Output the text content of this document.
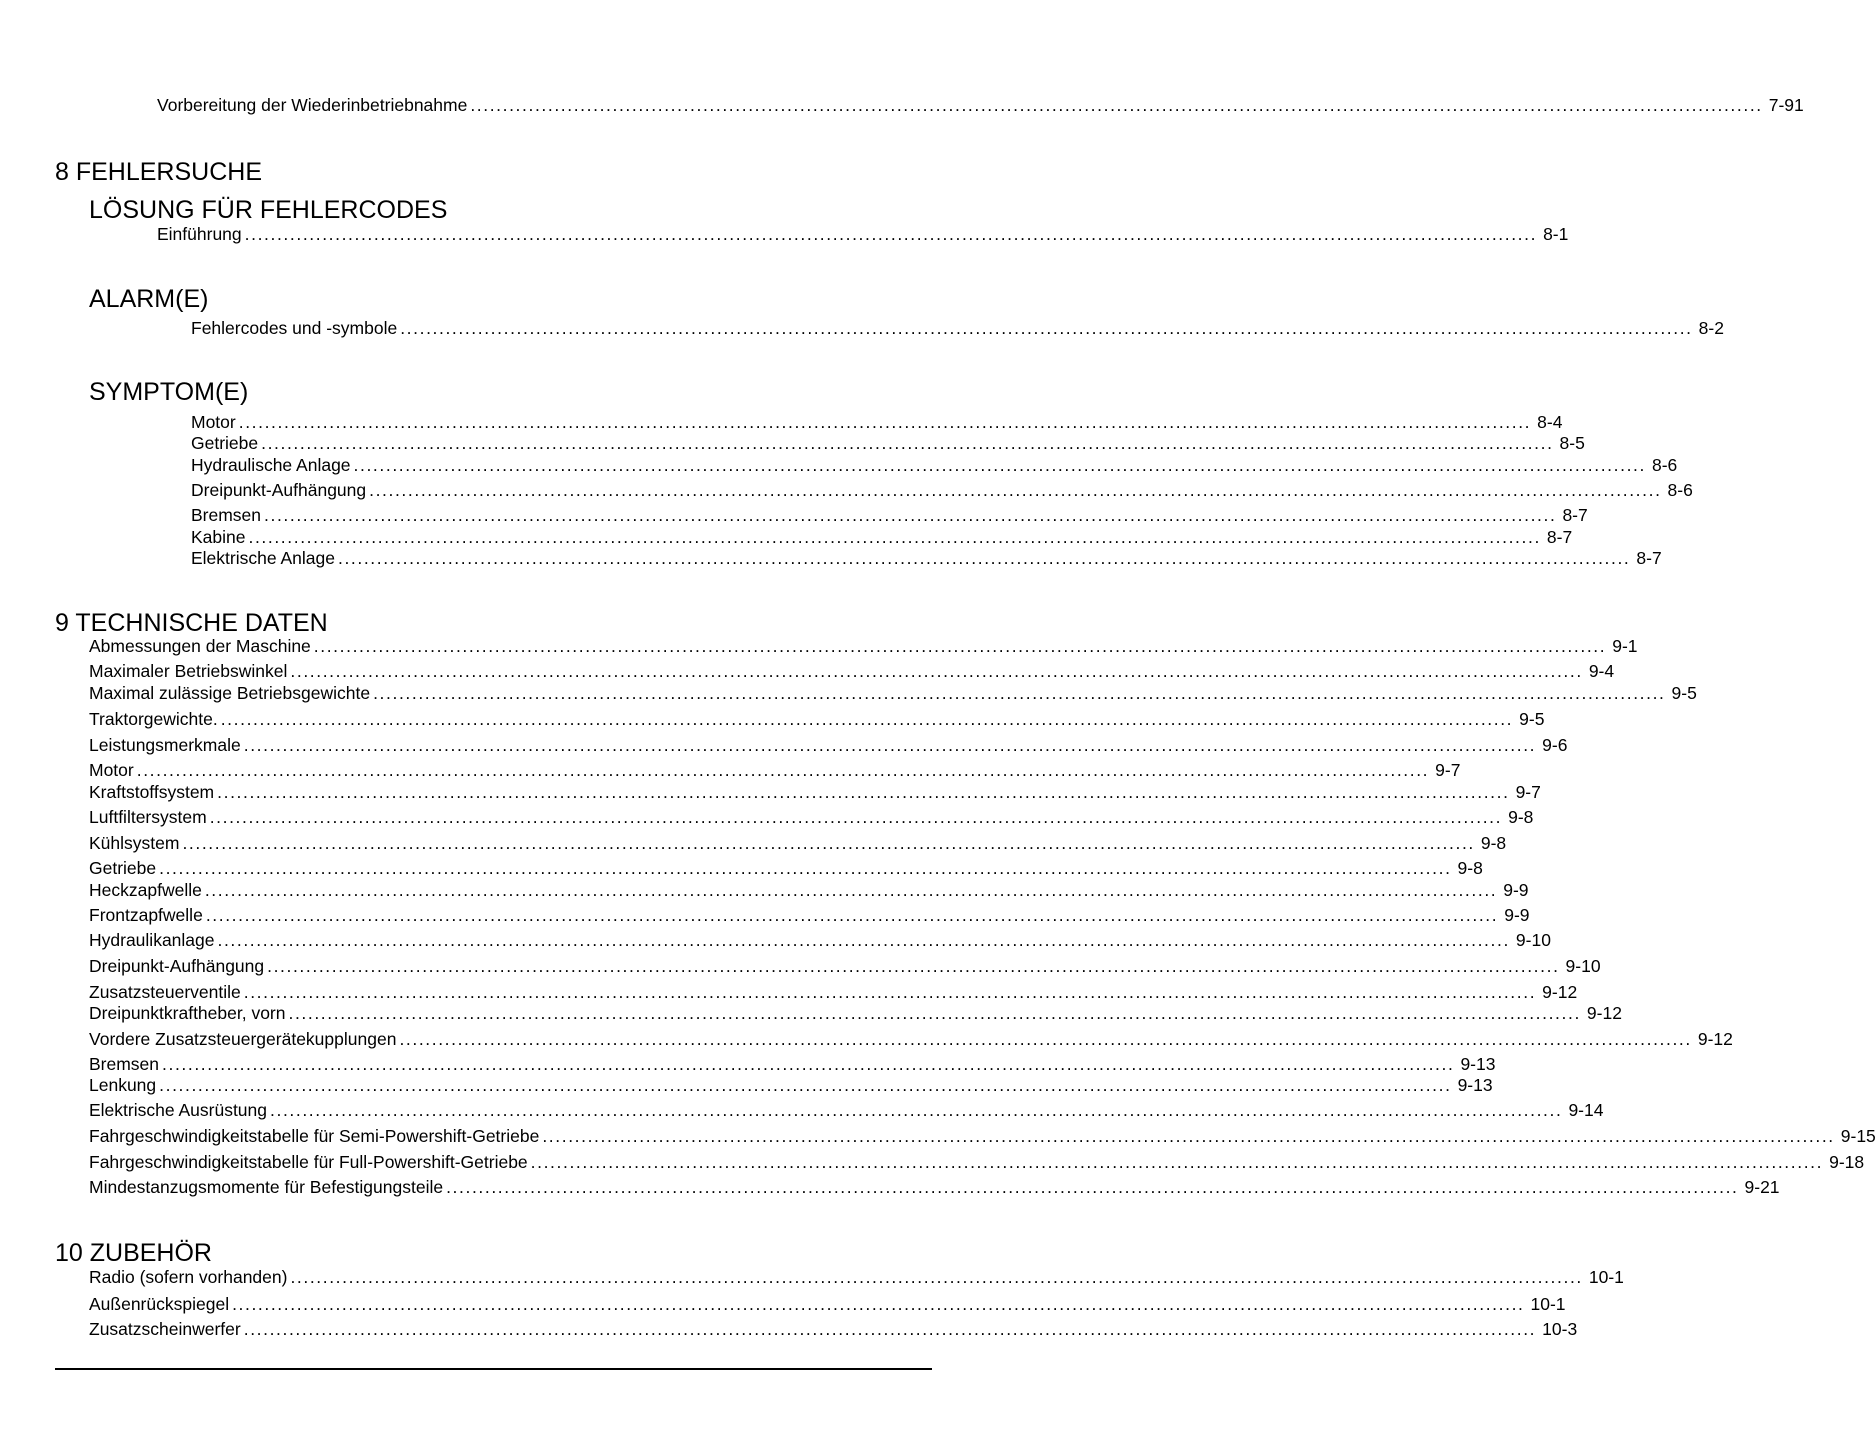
Vorbereitung der Wiederinbetriebnahme ........................................................................................................................................................................................................ 7-91
8 FEHLERSUCHE
LÖSUNG FÜR FEHLERCODES
Einführung ........................................................................................................................................................................................................ 8-1
ALARM(E)
Fehlercodes und -symbole ........................................................................................................................................................................................................ 8-2
SYMPTOM(E)
Motor ........................................................................................................................................................................................................ 8-4
Getriebe ........................................................................................................................................................................................................ 8-5
Hydraulische Anlage ........................................................................................................................................................................................................ 8-6
Dreipunkt-Aufhängung ........................................................................................................................................................................................................ 8-6
Bremsen ........................................................................................................................................................................................................ 8-7
Kabine ........................................................................................................................................................................................................ 8-7
Elektrische Anlage ........................................................................................................................................................................................................ 8-7
9 TECHNISCHE DATEN
Abmessungen der Maschine ........................................................................................................................................................................................................ 9-1
Maximaler Betriebswinkel ........................................................................................................................................................................................................ 9-4
Maximal zulässige Betriebsgewichte ........................................................................................................................................................................................................ 9-5
Traktorgewichte. ........................................................................................................................................................................................................ 9-5
Leistungsmerkmale ........................................................................................................................................................................................................ 9-6
Motor ........................................................................................................................................................................................................ 9-7
Kraftstoffsystem ........................................................................................................................................................................................................ 9-7
Luftfiltersystem ........................................................................................................................................................................................................ 9-8
Kühlsystem ........................................................................................................................................................................................................ 9-8
Getriebe ........................................................................................................................................................................................................ 9-8
Heckzapfwelle ........................................................................................................................................................................................................ 9-9
Frontzapfwelle ........................................................................................................................................................................................................ 9-9
Hydraulikanlage ........................................................................................................................................................................................................ 9-10
Dreipunkt-Aufhängung ........................................................................................................................................................................................................ 9-10
Zusatzsteuerventile ........................................................................................................................................................................................................ 9-12
Dreipunktkraftheber, vorn ........................................................................................................................................................................................................ 9-12
Vordere Zusatzsteuergerätekupplungen ........................................................................................................................................................................................................ 9-12
Bremsen ........................................................................................................................................................................................................ 9-13
Lenkung ........................................................................................................................................................................................................ 9-13
Elektrische Ausrüstung ........................................................................................................................................................................................................ 9-14
Fahrgeschwindigkeitstabelle für Semi-Powershift-Getriebe ........................................................................................................................................................................................................ 9-15
Fahrgeschwindigkeitstabelle für Full-Powershift-Getriebe ........................................................................................................................................................................................................ 9-18
Mindestanzugsmomente für Befestigungsteile ........................................................................................................................................................................................................ 9-21
10 ZUBEHÖR
Radio (sofern vorhanden) ........................................................................................................................................................................................................ 10-1
Außenrückspiegel ........................................................................................................................................................................................................ 10-1
Zusatzscheinwerfer ........................................................................................................................................................................................................ 10-3
